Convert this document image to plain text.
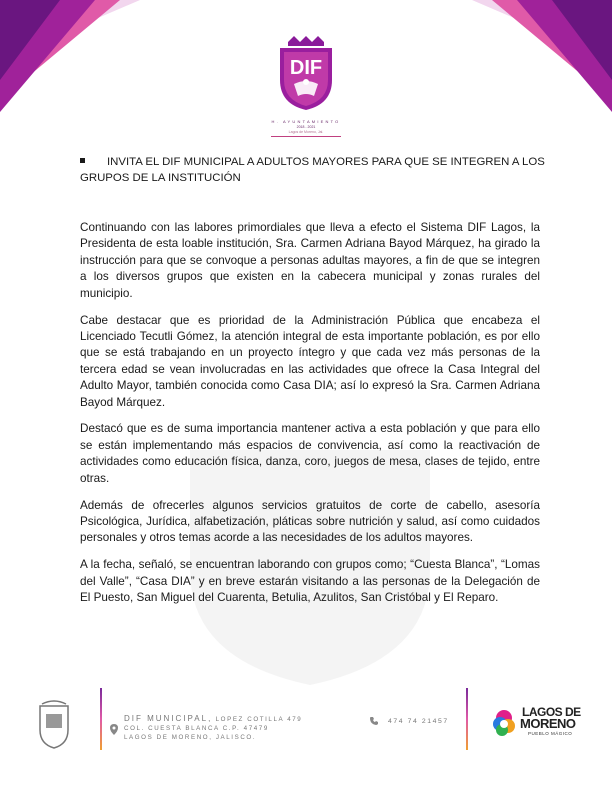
DIF
H. AYUNTAMIENTO
2018 - 2021
Lagos de Moreno, Jal.
INVITA EL DIF MUNICIPAL A ADULTOS MAYORES PARA QUE SE INTEGREN A LOS GRUPOS DE LA INSTITUCIÓN

Continuando con las labores primordiales que lleva a efecto el Sistema DIF Lagos, la Presidenta de esta loable institución, Sra. Carmen Adriana Bayod Márquez, ha girado la instrucción para que se convoque a personas adultas mayores, a fin de que se integren a los diversos grupos que existen en la cabecera municipal y zonas rurales del municipio.

Cabe destacar que es prioridad de la Administración Pública que encabeza el Licenciado Tecutli Gómez, la atención integral de esta importante población, es por ello que se está trabajando en un proyecto íntegro y que cada vez más personas de la tercera edad se vean involucradas en las actividades que ofrece la Casa Integral del Adulto Mayor, también conocida como Casa DIA; así lo expresó la Sra. Carmen Adriana Bayod Márquez.

Destacó que es de suma importancia mantener activa a esta población y que para ello se están implementando más espacios de convivencia, así como la reactivación de actividades como educación física, danza, coro, juegos de mesa, clases de tejido, entre otras.

Además de ofrecerles algunos servicios gratuitos de corte de cabello, asesoría Psicológica, Jurídica, alfabetización, pláticas sobre nutrición y salud, así como cuidados personales y otros temas acorde a las necesidades de los adultos mayores.

A la fecha, señaló, se encuentran laborando con grupos como; “Cuesta Blanca”, “Lomas del Valle”, “Casa DIA” y en breve estarán visitando a las personas de la Delegación de El Puesto, San Miguel del Cuarenta, Betulia, Azulitos, San Cristóbal y El Reparo.

DIF MUNICIPAL, LOPEZ COTILLA 479
COL. CUESTA BLANCA C.P. 47479
LAGOS DE MORENO, JALISCO.
474 74 21457
LAGOS DE
MORENO
PUEBLO MÁGICO
